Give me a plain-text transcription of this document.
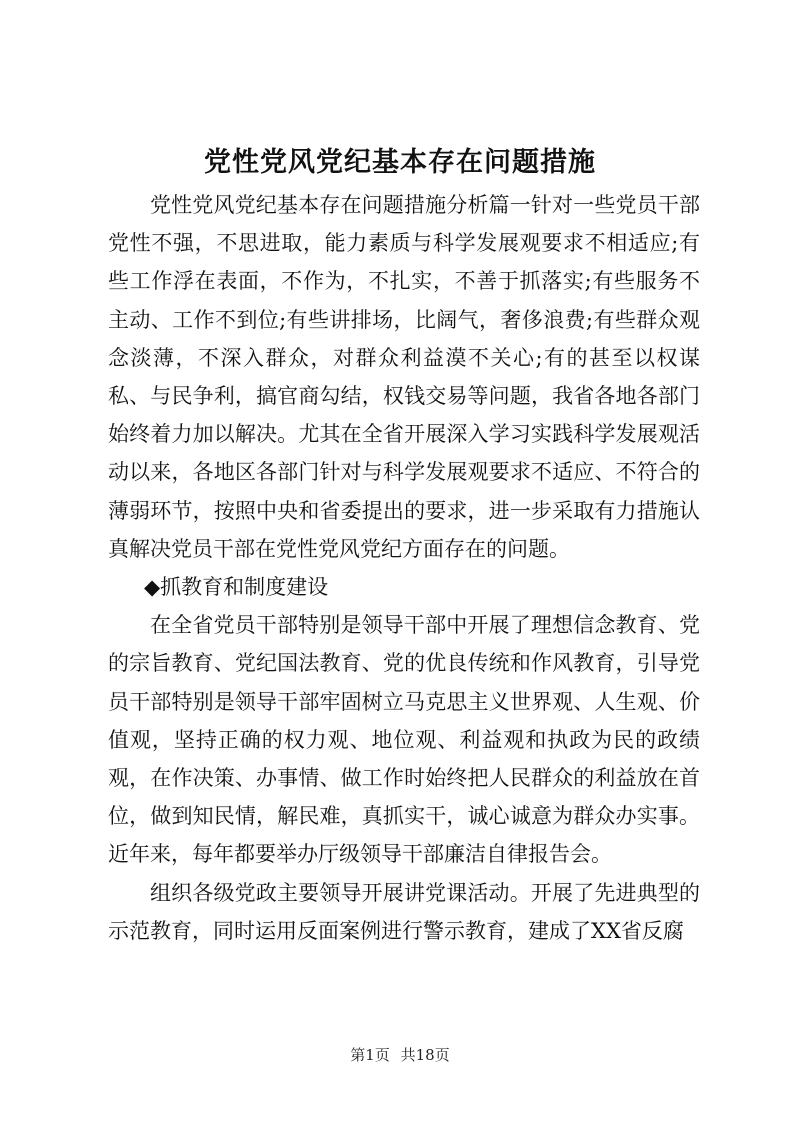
党性党风党纪基本存在问题措施

党性党风党纪基本存在问题措施分析篇一针对一些党员干部党性不强，不思进取，能力素质与科学发展观要求不相适应;有些工作浮在表面，不作为，不扎实，不善于抓落实;有些服务不主动、工作不到位;有些讲排场，比阔气，奢侈浪费;有些群众观念淡薄，不深入群众，对群众利益漠不关心;有的甚至以权谋私、与民争利，搞官商勾结，权钱交易等问题，我省各地各部门始终着力加以解决。尤其在全省开展深入学习实践科学发展观活动以来，各地区各部门针对与科学发展观要求不适应、不符合的薄弱环节，按照中央和省委提出的要求，进一步采取有力措施认真解决党员干部在党性党风党纪方面存在的问题。

◆抓教育和制度建设

在全省党员干部特别是领导干部中开展了理想信念教育、党的宗旨教育、党纪国法教育、党的优良传统和作风教育，引导党员干部特别是领导干部牢固树立马克思主义世界观、人生观、价值观，坚持正确的权力观、地位观、利益观和执政为民的政绩观，在作决策、办事情、做工作时始终把人民群众的利益放在首位，做到知民情，解民难，真抓实干，诚心诚意为群众办实事。近年来，每年都要举办厅级领导干部廉洁自律报告会。

组织各级党政主要领导开展讲党课活动。开展了先进典型的示范教育，同时运用反面案例进行警示教育，建成了XX省反腐

第1页 共18页
